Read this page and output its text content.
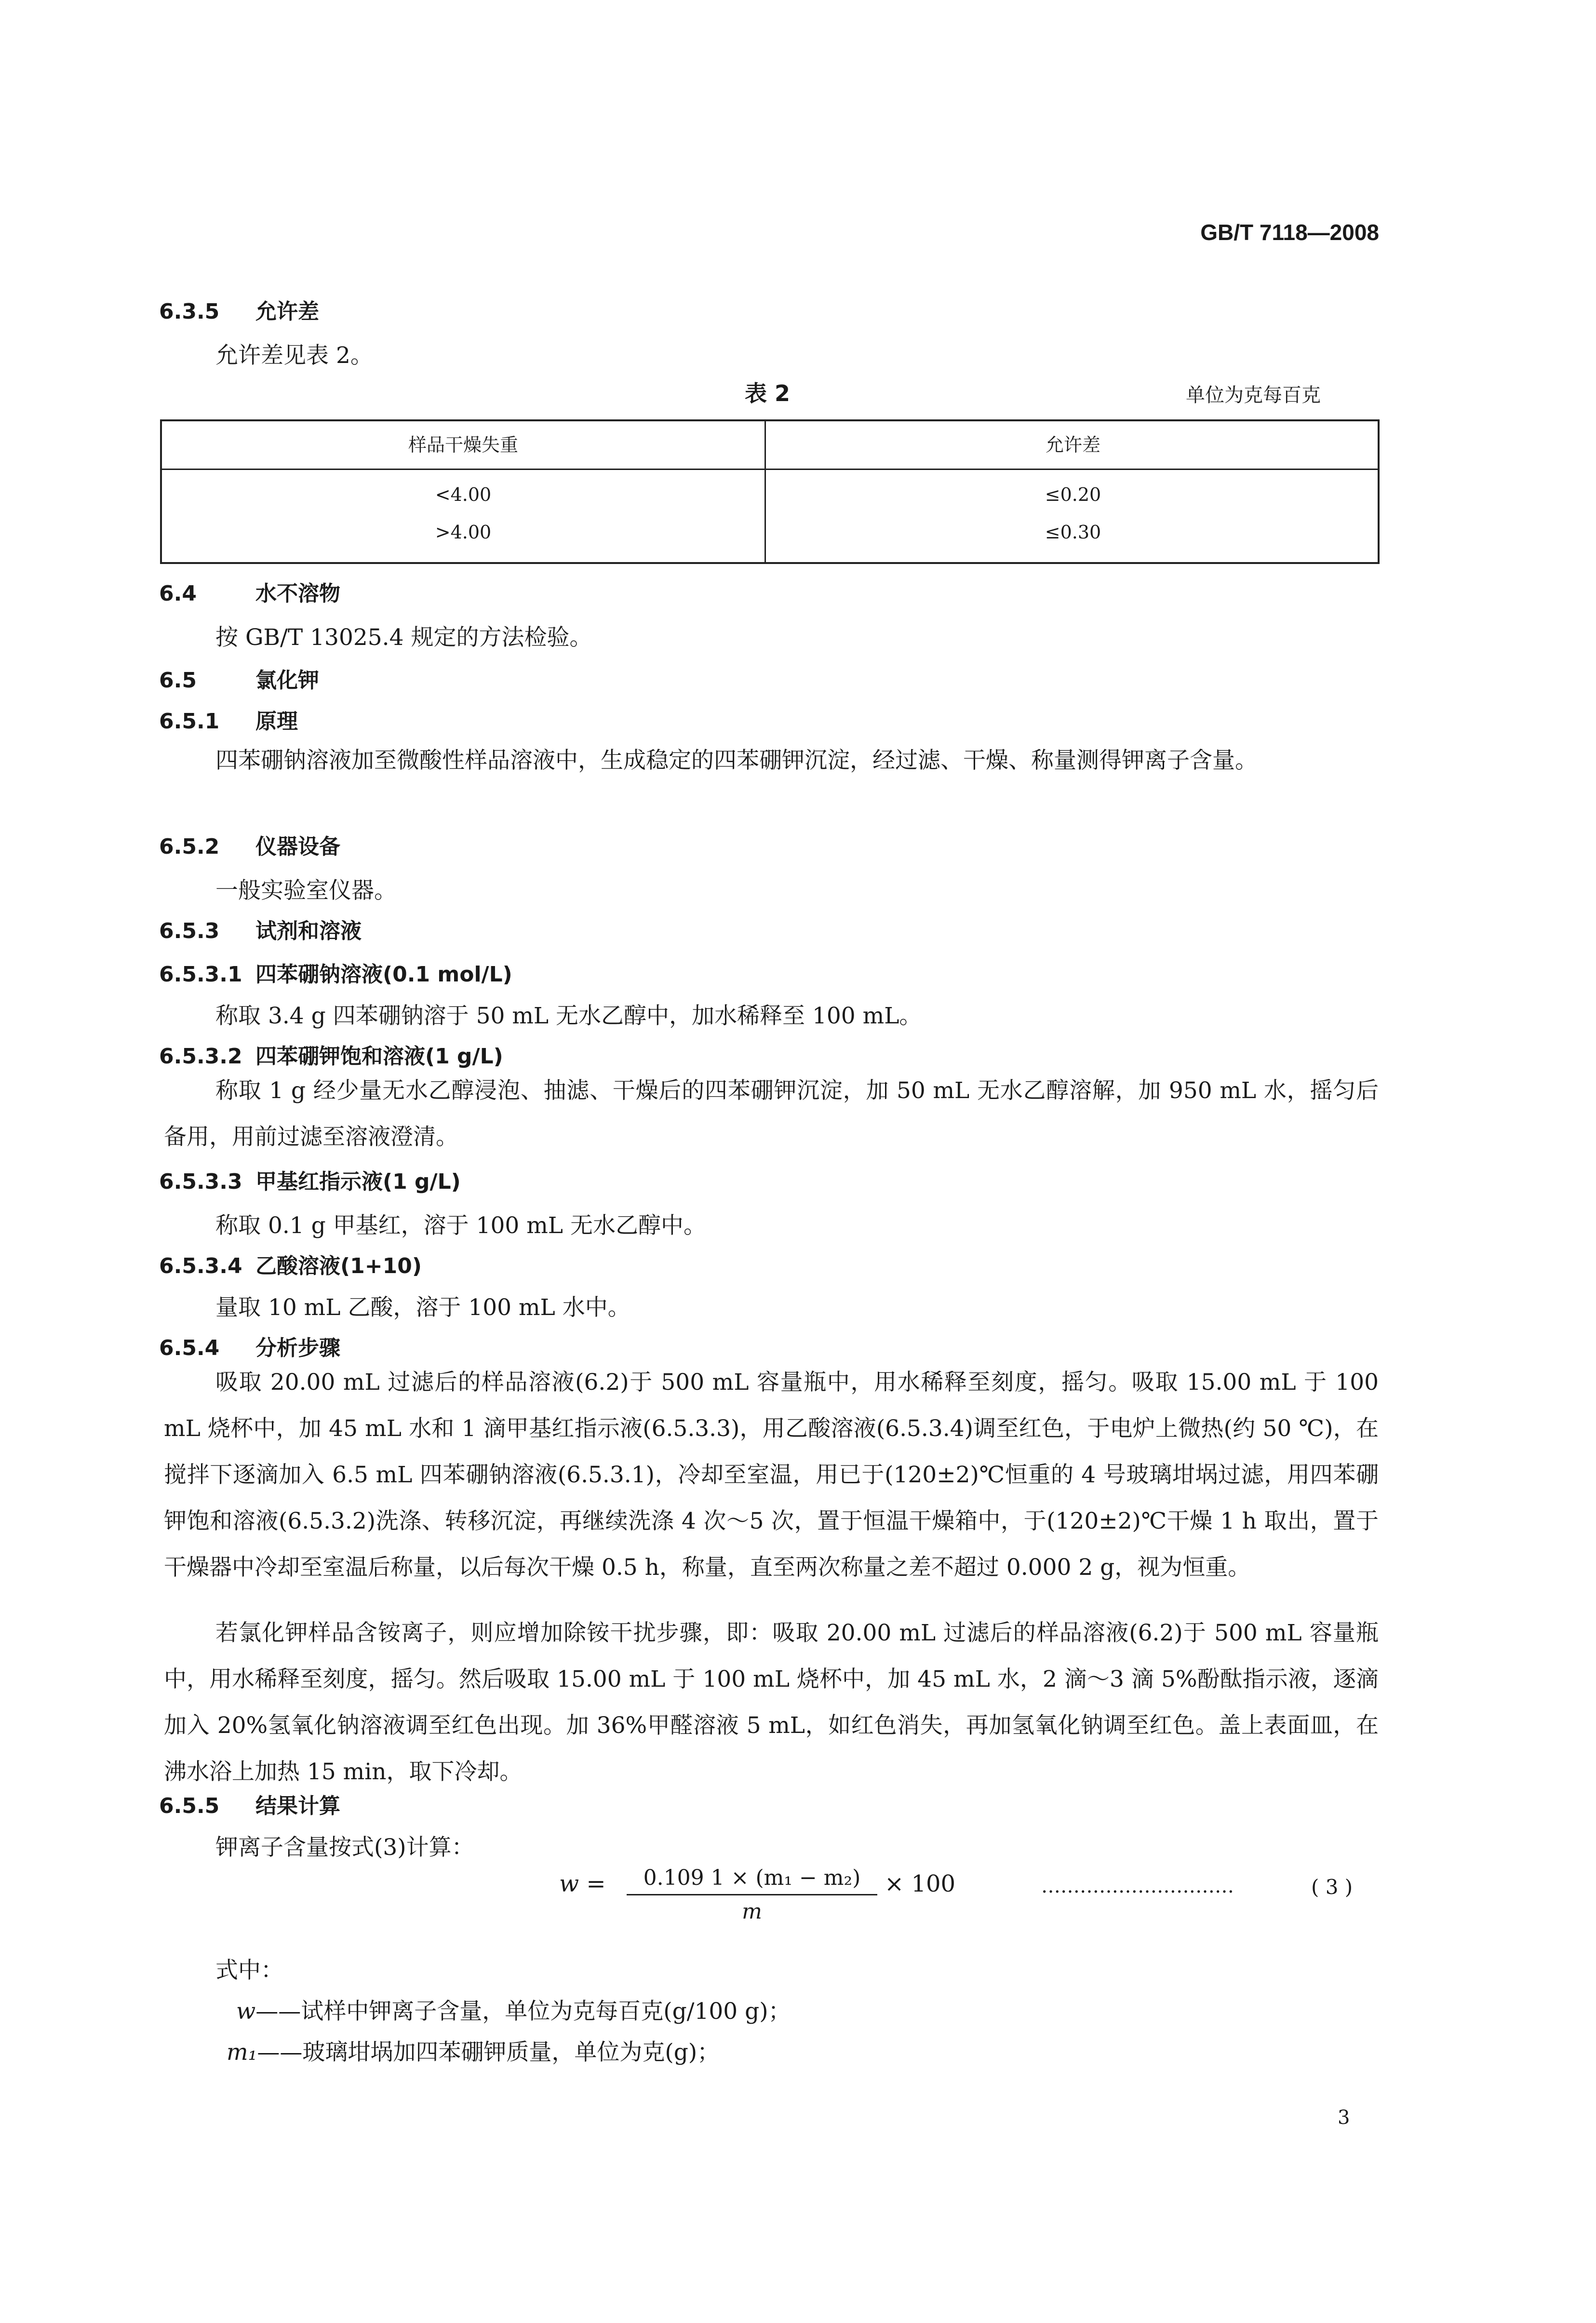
GB/T 7118—2008
6.3.5 允许差
允许差见表 2。
表 2	单位为克每百克
样品干燥失重	允许差
<4.00	≤0.20
>4.00	≤0.30
6.4	水不溶物
按 GB/T 13025.4 规定的方法检验。
6.5	氯化钾
6.5.1 原理
四苯硼钠溶液加至微酸性样品溶液中，生成稳定的四苯硼钾沉淀，经过滤、干燥、称量测得钾离子含量。
6.5.2 仪器设备
一般实验室仪器。
6.5.3 试剂和溶液
6.5.3.1 四苯硼钠溶液(0.1 mol/L)
称取 3.4 g 四苯硼钠溶于 50 mL 无水乙醇中，加水稀释至 100 mL。
6.5.3.2 四苯硼钾饱和溶液(1 g/L)
称取 1 g 经少量无水乙醇浸泡、抽滤、干燥后的四苯硼钾沉淀，加 50 mL 无水乙醇溶解，加 950 mL 水，摇匀后备用，用前过滤至溶液澄清。
6.5.3.3 甲基红指示液(1 g/L)
称取 0.1 g 甲基红，溶于 100 mL 无水乙醇中。
6.5.3.4 乙酸溶液(1+10)
量取 10 mL 乙酸，溶于 100 mL 水中。
6.5.4 分析步骤
吸取 20.00 mL 过滤后的样品溶液(6.2)于 500 mL 容量瓶中，用水稀释至刻度，摇匀。吸取 15.00 mL 于 100 mL 烧杯中，加 45 mL 水和 1 滴甲基红指示液(6.5.3.3)，用乙酸溶液(6.5.3.4)调至红色，于电炉上微热(约 50 ℃)，在搅拌下逐滴加入 6.5 mL 四苯硼钠溶液(6.5.3.1)，冷却至室温，用已于(120±2)℃恒重的 4 号玻璃坩埚过滤，用四苯硼钾饱和溶液(6.5.3.2)洗涤、转移沉淀，再继续洗涤 4 次～5 次，置于恒温干燥箱中，于(120±2)℃干燥 1 h 取出，置于干燥器中冷却至室温后称量，以后每次干燥 0.5 h，称量，直至两次称量之差不超过 0.000 2 g，视为恒重。
若氯化钾样品含铵离子，则应增加除铵干扰步骤，即：吸取 20.00 mL 过滤后的样品溶液(6.2)于 500 mL 容量瓶中，用水稀释至刻度，摇匀。然后吸取 15.00 mL 于 100 mL 烧杯中，加 45 mL 水，2 滴～3 滴 5%酚酞指示液，逐滴加入 20%氢氧化钠溶液调至红色出现。加 36%甲醛溶液 5 mL，如红色消失，再加氢氧化钠调至红色。盖上表面皿，在沸水浴上加热 15 min，取下冷却。
6.5.5 结果计算
钾离子含量按式(3)计算：
$w = \frac{\text{0.109 1 × (m₁ − m₂)}}{m} \times 100$	…………………………	( 3 )
式中：
w——试样中钾离子含量，单位为克每百克(g/100 g)；
m₁——玻璃坩埚加四苯硼钾质量，单位为克(g)；
3
